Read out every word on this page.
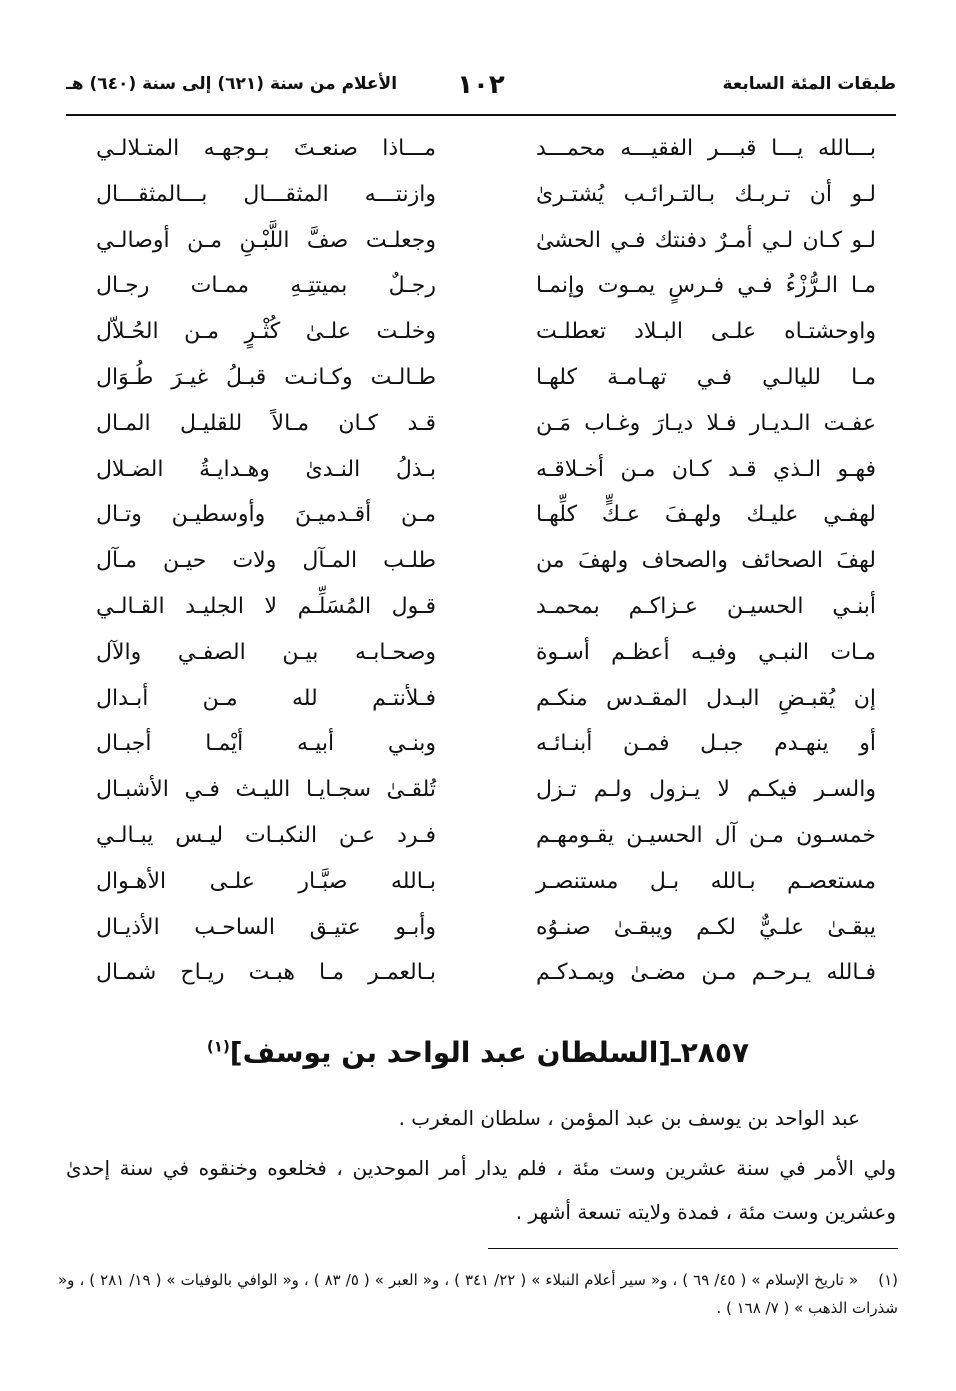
طبقات المئة السابعة
١٠٢
الأعلام من سنة (٦٢١) إلى سنة (٦٤٠) هـ
بـــالله يـــا قبـــر الفقيـــه محمـــد
مـــاذا صنعـتَ بـوجهـه المتـلالـي
لـو أن تـربـك بـالتـرائـب يُشتـرىٰ
وازنتـــه المثقـــال بـــالمثقـــال
لـو كـان لـي أمـرٌ دفنتك فـي الحشىٰ
وجعلـت صفَّ اللَّبْـنِ مـن أوصالـي
مـا الـرُّزْءُ فـي فـرسٍ يمـوت وإنمـا
رجـلٌ بميتتِـهِ ممـات رجـال
واوحشتـاه علـى البـلاد تعطلـت
وخلـت علـىٰ كُثْـرٍ مـن الحُـلاّل
مـا لليالـي فـي تهـامـة كلهـا
طـالـت وكـانـت قبـلُ غيـرَ طُـوَال
عفـت الـديـار فـلا ديـارَ وغـاب مَـن
قـد كـان مـالاً للقليـل المـال
فهـو الـذي قـد كـان مـن أخـلاقـه
بـذلُ النـدىٰ وهـدايـةُ الضـلال
لهفـي عليـك ولهـفَ عـكٍّ كلِّهـا
مـن أقـدميـنَ وأوسطيـن وتـال
لهفَ الصحائف والصحاف ولهفَ من
طلـب المـآل ولات حيـن مـآل
أبنـي الحسيـن عـزاكـم بمحمـد
قـول المُسَلِّـم لا الجليـد القـالـي
مـات النبـي وفيـه أعظـم أسـوة
وصحـابـه بيـن الصفـي والآل
إن يُقبـضِ البـدل المقـدس منكـم
فـلأنتـم لله مـن أبـدال
أو ينهـدم جبـل فمـن أبنـائـه
وبنـي أبيـه أيْمـا أجبـال
والسـر فيكـم لا يـزول ولـم تـزل
تُلقـىٰ سجـايـا الليـث فـي الأشبـال
خمسـون مـن آل الحسيـن يقـومهـم
فـرد عـن النكبـات ليـس يبـالـي
مستعصـم بـالله بـل مستنصـر
بـالله صبَّـار علـى الأهـوال
يبقـىٰ علـيٌّ لكـم ويبقـىٰ صنـوُه
وأبـو عتيـق الساحـب الأذيـال
فـالله يـرحـم مـن مضـىٰ ويمـدكـم
بـالعمـر مـا هبـت ريـاح شمـال
٢٨٥٧ـ[السلطان عبد الواحد بن يوسف]$^{(١)}$
عبد الواحد بن يوسف بن عبد المؤمن ، سلطان المغرب .
ولي الأمر في سنة عشرين وست مئة ، فلم يدار أمر الموحدين ، فخلعوه وخنقوه في سنة إحدىٰ وعشرين وست مئة ، فمدة ولايته تسعة أشهر .
(١)    « تاريخ الإسلام » ( ٤٥/ ٦٩ ) ، و« سير أعلام النبلاء » ( ٢٢/ ٣٤١ ) ، و« العبر » ( ٥/ ٨٣ ) ، و« الوافي بالوفيات » ( ١٩/ ٢٨١ ) ، و« شذرات الذهب » ( ٧/ ١٦٨ ) .
